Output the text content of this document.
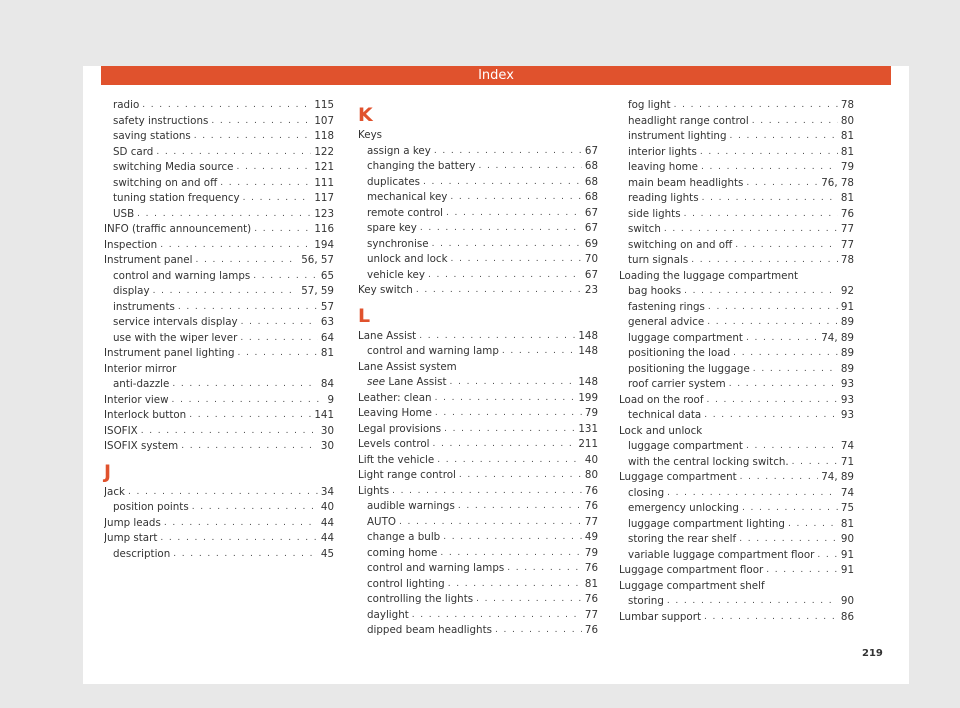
Index
radio . . .	115
safety instructions . . .	107
saving stations . . .	118
SD card . . .	122
switching Media source . . .	121
switching on and off . . .	111
tuning station frequency . . .	117
USB . . .	123
INFO (traffic announcement) . . .	116
Inspection . . .	194
Instrument panel . . .	56, 57
control and warning lamps . . .	65
display . . .	57, 59
instruments . . .	57
service intervals display . . .	63
use with the wiper lever . . .	64
Instrument panel lighting . . .	81
Interior mirror
anti-dazzle . . .	84
Interior view . . .	9
Interlock button . . .	141
ISOFIX . . .	30
ISOFIX system . . .	30
J
Jack . . .	34
position points . . .	40
Jump leads . . .	44
Jump start . . .	44
description . . .	45
K
Keys
assign a key . . .	67
changing the battery . . .	68
duplicates . . .	68
mechanical key . . .	68
remote control . . .	67
spare key . . .	67
synchronise . . .	69
unlock and lock . . .	70
vehicle key . . .	67
Key switch . . .	23
L
Lane Assist . . .	148
control and warning lamp . . .	148
Lane Assist system
see Lane Assist . . .	148
Leather: clean . . .	199
Leaving Home . . .	79
Legal provisions . . .	131
Levels control . . .	211
Lift the vehicle . . .	40
Light range control . . .	80
Lights . . .	76
audible warnings . . .	76
AUTO . . .	77
change a bulb . . .	49
coming home . . .	79
control and warning lamps . . .	76
control lighting . . .	81
controlling the lights . . .	76
daylight . . .	77
dipped beam headlights . . .	76
fog light . . .	78
headlight range control . . .	80
instrument lighting . . .	81
interior lights . . .	81
leaving home . . .	79
main beam headlights . . .	76, 78
reading lights . . .	81
side lights . . .	76
switch . . .	77
switching on and off . . .	77
turn signals . . .	78
Loading the luggage compartment
bag hooks . . .	92
fastening rings . . .	91
general advice . . .	89
luggage compartment . . .	74, 89
positioning the load . . .	89
positioning the luggage . . .	89
roof carrier system . . .	93
Load on the roof . . .	93
technical data . . .	93
Lock and unlock
luggage compartment . . .	74
with the central locking switch. . . .	71
Luggage compartment . . .	74, 89
closing . . .	74
emergency unlocking . . .	75
luggage compartment lighting . . .	81
storing the rear shelf . . .	90
variable luggage compartment floor . . .	91
Luggage compartment floor . . .	91
Luggage compartment shelf
storing . . .	90
Lumbar support . . .	86
219
